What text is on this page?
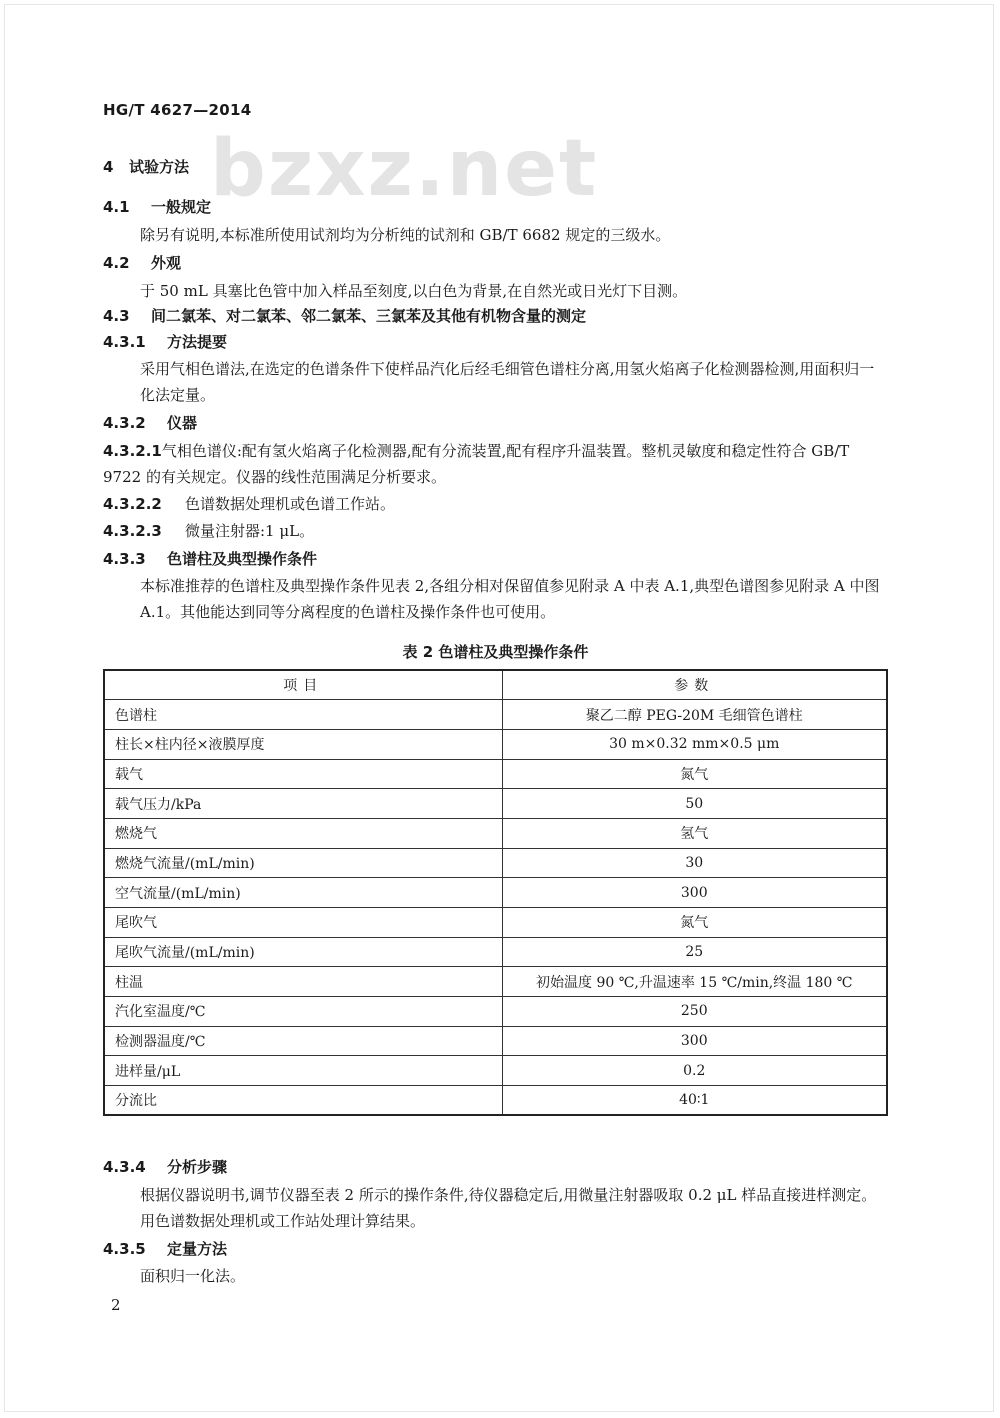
HG/T 4627—2014
bzxz.net
4 试验方法
4.1 一般规定
除另有说明,本标准所使用试剂均为分析纯的试剂和 GB/T 6682 规定的三级水。
4.2 外观
于 50 mL 具塞比色管中加入样品至刻度,以白色为背景,在自然光或日光灯下目测。
4.3 间二氯苯、对二氯苯、邻二氯苯、三氯苯及其他有机物含量的测定
4.3.1 方法提要
采用气相色谱法,在选定的色谱条件下使样品汽化后经毛细管色谱柱分离,用氢火焰离子化检测器检测,用面积归一化法定量。
4.3.2 仪器
4.3.2.1气相色谱仪:配有氢火焰离子化检测器,配有分流装置,配有程序升温装置。整机灵敏度和稳定性符合 GB/T 9722 的有关规定。仪器的线性范围满足分析要求。
4.3.2.2 色谱数据处理机或色谱工作站。
4.3.2.3 微量注射器:1 μL。
4.3.3 色谱柱及典型操作条件
本标准推荐的色谱柱及典型操作条件见表 2,各组分相对保留值参见附录 A 中表 A.1,典型色谱图参见附录 A 中图 A.1。其他能达到同等分离程度的色谱柱及操作条件也可使用。
表 2 色谱柱及典型操作条件
项目	参数
色谱柱	聚乙二醇 PEG-20M 毛细管色谱柱
柱长×柱内径×液膜厚度	30 m×0.32 mm×0.5 μm
载气	氮气
载气压力/kPa	50
燃烧气	氢气
燃烧气流量/(mL/min)	30
空气流量/(mL/min)	300
尾吹气	氮气
尾吹气流量/(mL/min)	25
柱温	初始温度 90 ℃,升温速率 15 ℃/min,终温 180 ℃
汽化室温度/℃	250
检测器温度/℃	300
进样量/μL	0.2
分流比	40∶1
4.3.4 分析步骤
根据仪器说明书,调节仪器至表 2 所示的操作条件,待仪器稳定后,用微量注射器吸取 0.2 μL 样品直接进样测定。用色谱数据处理机或工作站处理计算结果。
4.3.5 定量方法
面积归一化法。
2
